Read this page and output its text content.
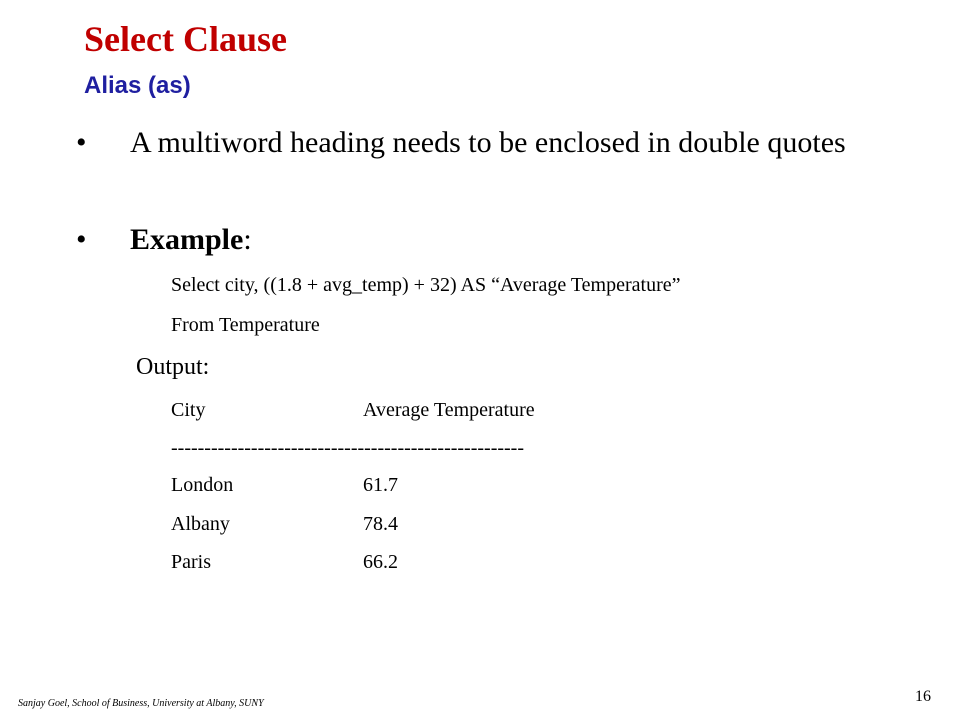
Select Clause
Alias (as)
•	A multiword heading needs to be enclosed in double quotes
•	Example:
Select city, ((1.8 + avg_temp) + 32) AS “Average Temperature”
From Temperature
Output:
City	Average Temperature
-----------------------------------------------------
London	61.7
Albany	78.4
Paris	66.2
Sanjay Goel, School of Business, University at Albany, SUNY	16
